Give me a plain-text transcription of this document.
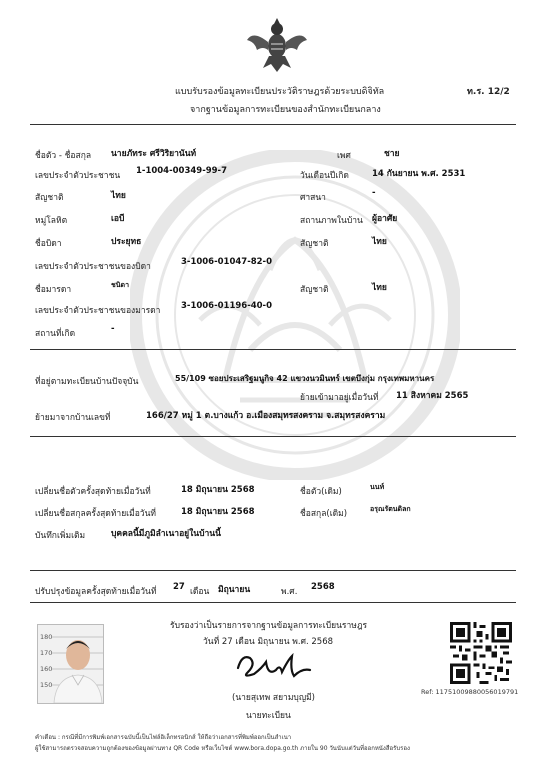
แบบรับรองข้อมูลทะเบียนประวัติราษฎรด้วยระบบดิจิทัล
จากฐานข้อมูลการทะเบียนของสำนักทะเบียนกลาง
ท.ร. 12/2
ชื่อตัว - ชื่อสกุล นายภัทระ ศรีวิริยานันท์	เพศ	ชาย
เลขประจำตัวประชาชน 1-1004-00349-99-7	วันเดือนปีเกิด	14 กันยายน พ.ศ. 2531
สัญชาติ	ไทย	ศาสนา	-
หมู่โลหิต	เอบี	สถานภาพในบ้าน ผู้อาศัย
ชื่อบิดา	ประยุทธ	สัญชาติ	ไทย
เลขประจำตัวประชาชนของบิดา	3-1006-01047-82-0
ชื่อมารดา	ชนิดา	สัญชาติ	ไทย
เลขประจำตัวประชาชนของมารดา 3-1006-01196-40-0
สถานที่เกิด	-
ที่อยู่ตามทะเบียนบ้านปัจจุบัน	55/109 ซอยประเสริฐมนูกิจ 42 แขวงนวมินทร์ เขตบึงกุ่ม กรุงเทพมหานคร
ย้ายเข้ามาอยู่เมื่อวันที่ 11 สิงหาคม 2565
ย้ายมาจากบ้านเลขที่	166/27 หมู่ 1 ต.บางแก้ว อ.เมืองสมุทรสงคราม จ.สมุทรสงคราม
เปลี่ยนชื่อตัวครั้งสุดท้ายเมื่อวันที่	18 มิถุนายน 2568	ชื่อตัว(เดิม)	นนท์
เปลี่ยนชื่อสกุลครั้งสุดท้ายเมื่อวันที่	18 มิถุนายน 2568	ชื่อสกุล(เดิม)	อรุณรัตนดิลก
บันทึกเพิ่มเติม	บุคคลนี้มีภูมิลำเนาอยู่ในบ้านนี้
ปรับปรุงข้อมูลครั้งสุดท้ายเมื่อวันที่ 27 เดือน มิถุนายน	พ.ศ. 2568
180
170
160
150
รับรองว่าเป็นรายการจากฐานข้อมูลการทะเบียนราษฎร
วันที่ 27 เดือน มิถุนายน พ.ศ. 2568
(นายสุเทพ สยามบุญมี)
นายทะเบียน
Ref: 11751009880056019791
คำเตือน : กรณีที่มีการพิมพ์เอกสารฉบับนี้เป็นไฟล์อิเล็กทรอนิกส์ ให้ถือว่าเอกสารที่พิมพ์ออกเป็นสำเนา
ผู้ใช้สามารถตรวจสอบความถูกต้องของข้อมูลผ่านทาง QR Code หรือเว็บไซต์ www.bora.dopa.go.th ภายใน 90 วันนับแต่วันที่ออกหนังสือรับรอง
